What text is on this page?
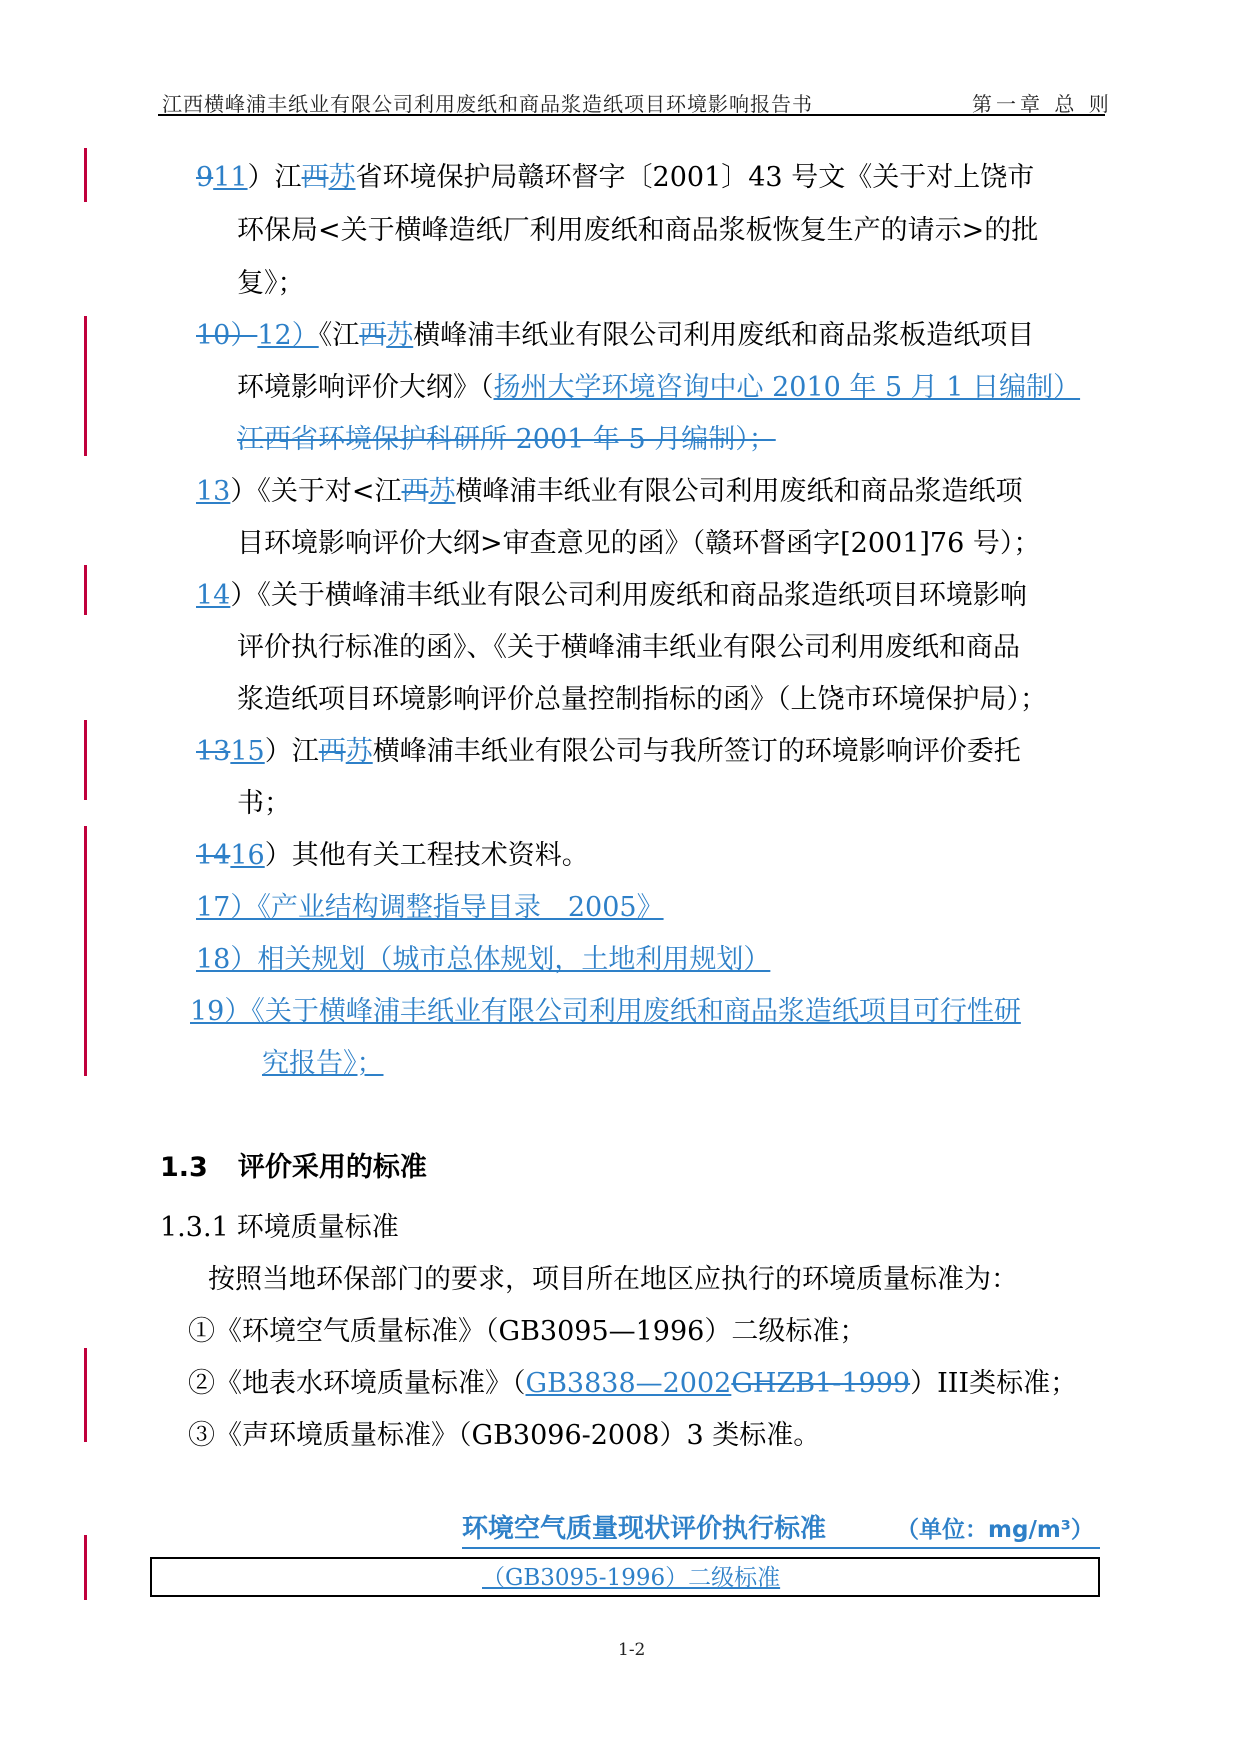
江西横峰浦丰纸业有限公司利用废纸和商品浆造纸项目环境影响报告书	第一章 总 则
911）江西苏省环境保护局赣环督字〔2001〕43 号文《关于对上饶市
环保局<关于横峰造纸厂利用废纸和商品浆板恢复生产的请示>的批
复》；
10）12）《江西苏横峰浦丰纸业有限公司利用废纸和商品浆板造纸项目
环境影响评价大纲》（扬州大学环境咨询中心 2010 年 5 月 1 日编制）
江西省环境保护科研所 2001 年 5 月编制）；
13）《关于对<江西苏横峰浦丰纸业有限公司利用废纸和商品浆造纸项
目环境影响评价大纲>审查意见的函》（赣环督函字[2001]76 号）；
14）《关于横峰浦丰纸业有限公司利用废纸和商品浆造纸项目环境影响
评价执行标准的函》、《关于横峰浦丰纸业有限公司利用废纸和商品
浆造纸项目环境影响评价总量控制指标的函》（上饶市环境保护局）；
1315）江西苏横峰浦丰纸业有限公司与我所签订的环境影响评价委托
书；
1416）其他有关工程技术资料。
17）《产业结构调整指导目录　2005》
18）相关规划（城市总体规划，土地利用规划）
19）《关于横峰浦丰纸业有限公司利用废纸和商品浆造纸项目可行性研
究报告》；
1.3 评价采用的标准
1.3.1 环境质量标准
按照当地环保部门的要求，项目所在地区应执行的环境质量标准为：
①《环境空气质量标准》（GB3095—1996）二级标准；
②《地表水环境质量标准》（GB3838—2002GHZB1-1999）III类标准；
③《声环境质量标准》（GB3096-2008）3 类标准。
环境空气质量现状评价执行标准	（单位：mg/m³）
（GB3095-1996）二级标准
1-2
